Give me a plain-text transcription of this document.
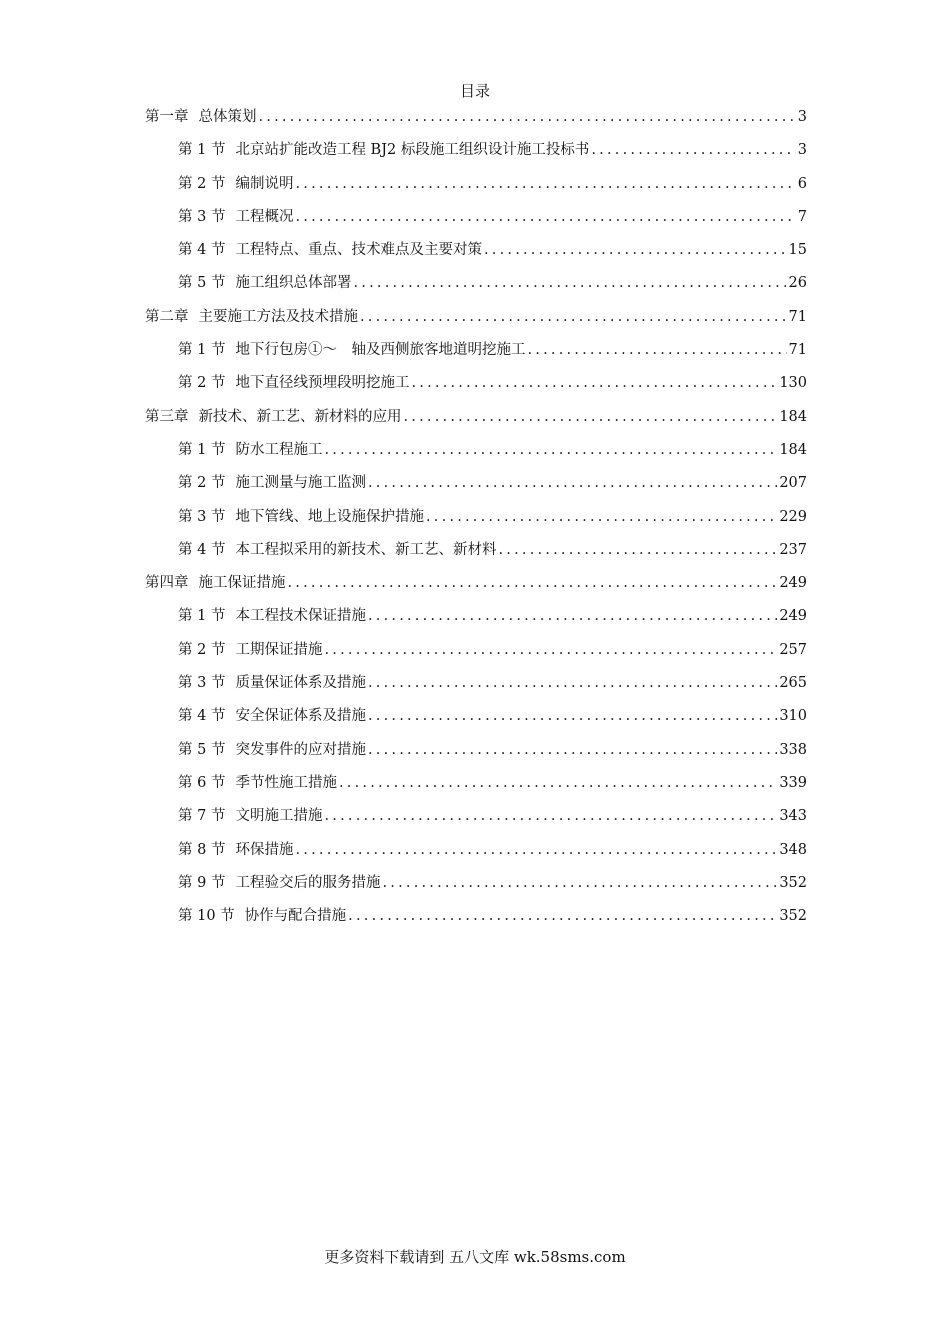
目录
第一章 总体策划 .....	3
第 1 节 北京站扩能改造工程 BJ2 标段施工组织设计施工投标书 .....	3
第 2 节 编制说明 .....	6
第 3 节 工程概况 .....	7
第 4 节 工程特点、重点、技术难点及主要对策 .....	15
第 5 节 施工组织总体部署 .....	26
第二章 主要施工方法及技术措施 .....	71
第 1 节 地下行包房①～　轴及西侧旅客地道明挖施工 .....	71
第 2 节 地下直径线预埋段明挖施工 .....	130
第三章 新技术、新工艺、新材料的应用 .....	184
第 1 节 防水工程施工 .....	184
第 2 节 施工测量与施工监测 .....	207
第 3 节 地下管线、地上设施保护措施 .....	229
第 4 节 本工程拟采用的新技术、新工艺、新材料 .....	237
第四章 施工保证措施 .....	249
第 1 节 本工程技术保证措施 .....	249
第 2 节 工期保证措施 .....	257
第 3 节 质量保证体系及措施 .....	265
第 4 节 安全保证体系及措施 .....	310
第 5 节 突发事件的应对措施 .....	338
第 6 节 季节性施工措施 .....	339
第 7 节 文明施工措施 .....	343
第 8 节 环保措施 .....	348
第 9 节 工程验交后的服务措施 .....	352
第 10 节 协作与配合措施 .....	352
更多资料下载请到 五八文库 wk.58sms.com
